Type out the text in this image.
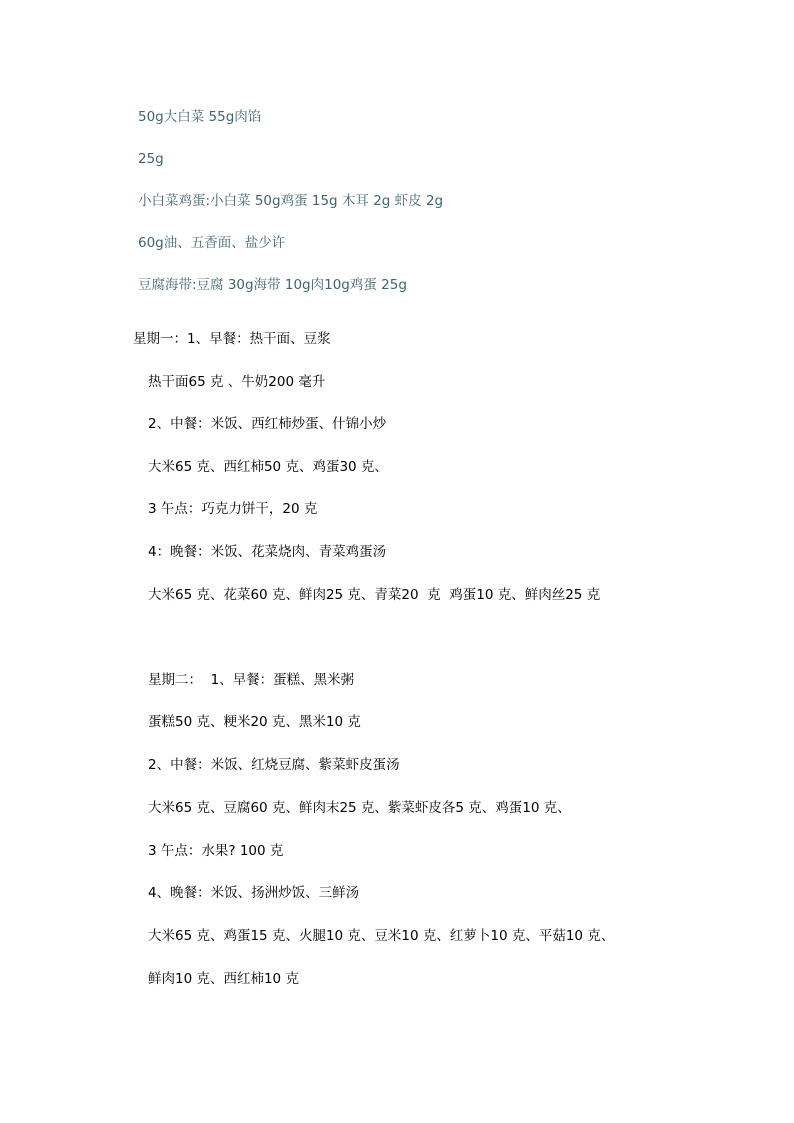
50g大白菜 55g肉馅
25g
小白菜鸡蛋:小白菜 50g鸡蛋 15g 木耳 2g 虾皮 2g
60g油、五香面、盐少许
豆腐海带:豆腐 30g海带 10g肉10g鸡蛋 25g
星期一：1、早餐：热干面、豆浆
热干面65 克 、牛奶200 毫升
2、中餐：米饭、西红柿炒蛋、什锦小炒
大米65 克、西红柿50 克、鸡蛋30 克、
3 午点：巧克力饼干，20 克
4：晚餐：米饭、花菜烧肉、青菜鸡蛋汤
大米65 克、花菜60 克、鲜肉25 克、青菜20  克  鸡蛋10 克、鲜肉丝25 克
星期二：  1、早餐：蛋糕、黑米粥
蛋糕50 克、粳米20 克、黑米10 克
2、中餐：米饭、红烧豆腐、紫菜虾皮蛋汤
大米65 克、豆腐60 克、鲜肉末25 克、紫菜虾皮各5 克、鸡蛋10 克、
3 午点：水果? 100 克
4、晚餐：米饭、扬洲炒饭、三鲜汤
大米65 克、鸡蛋15 克、火腿10 克、豆米10 克、红萝卜10 克、平菇10 克、
鲜肉10 克、西红柿10 克
